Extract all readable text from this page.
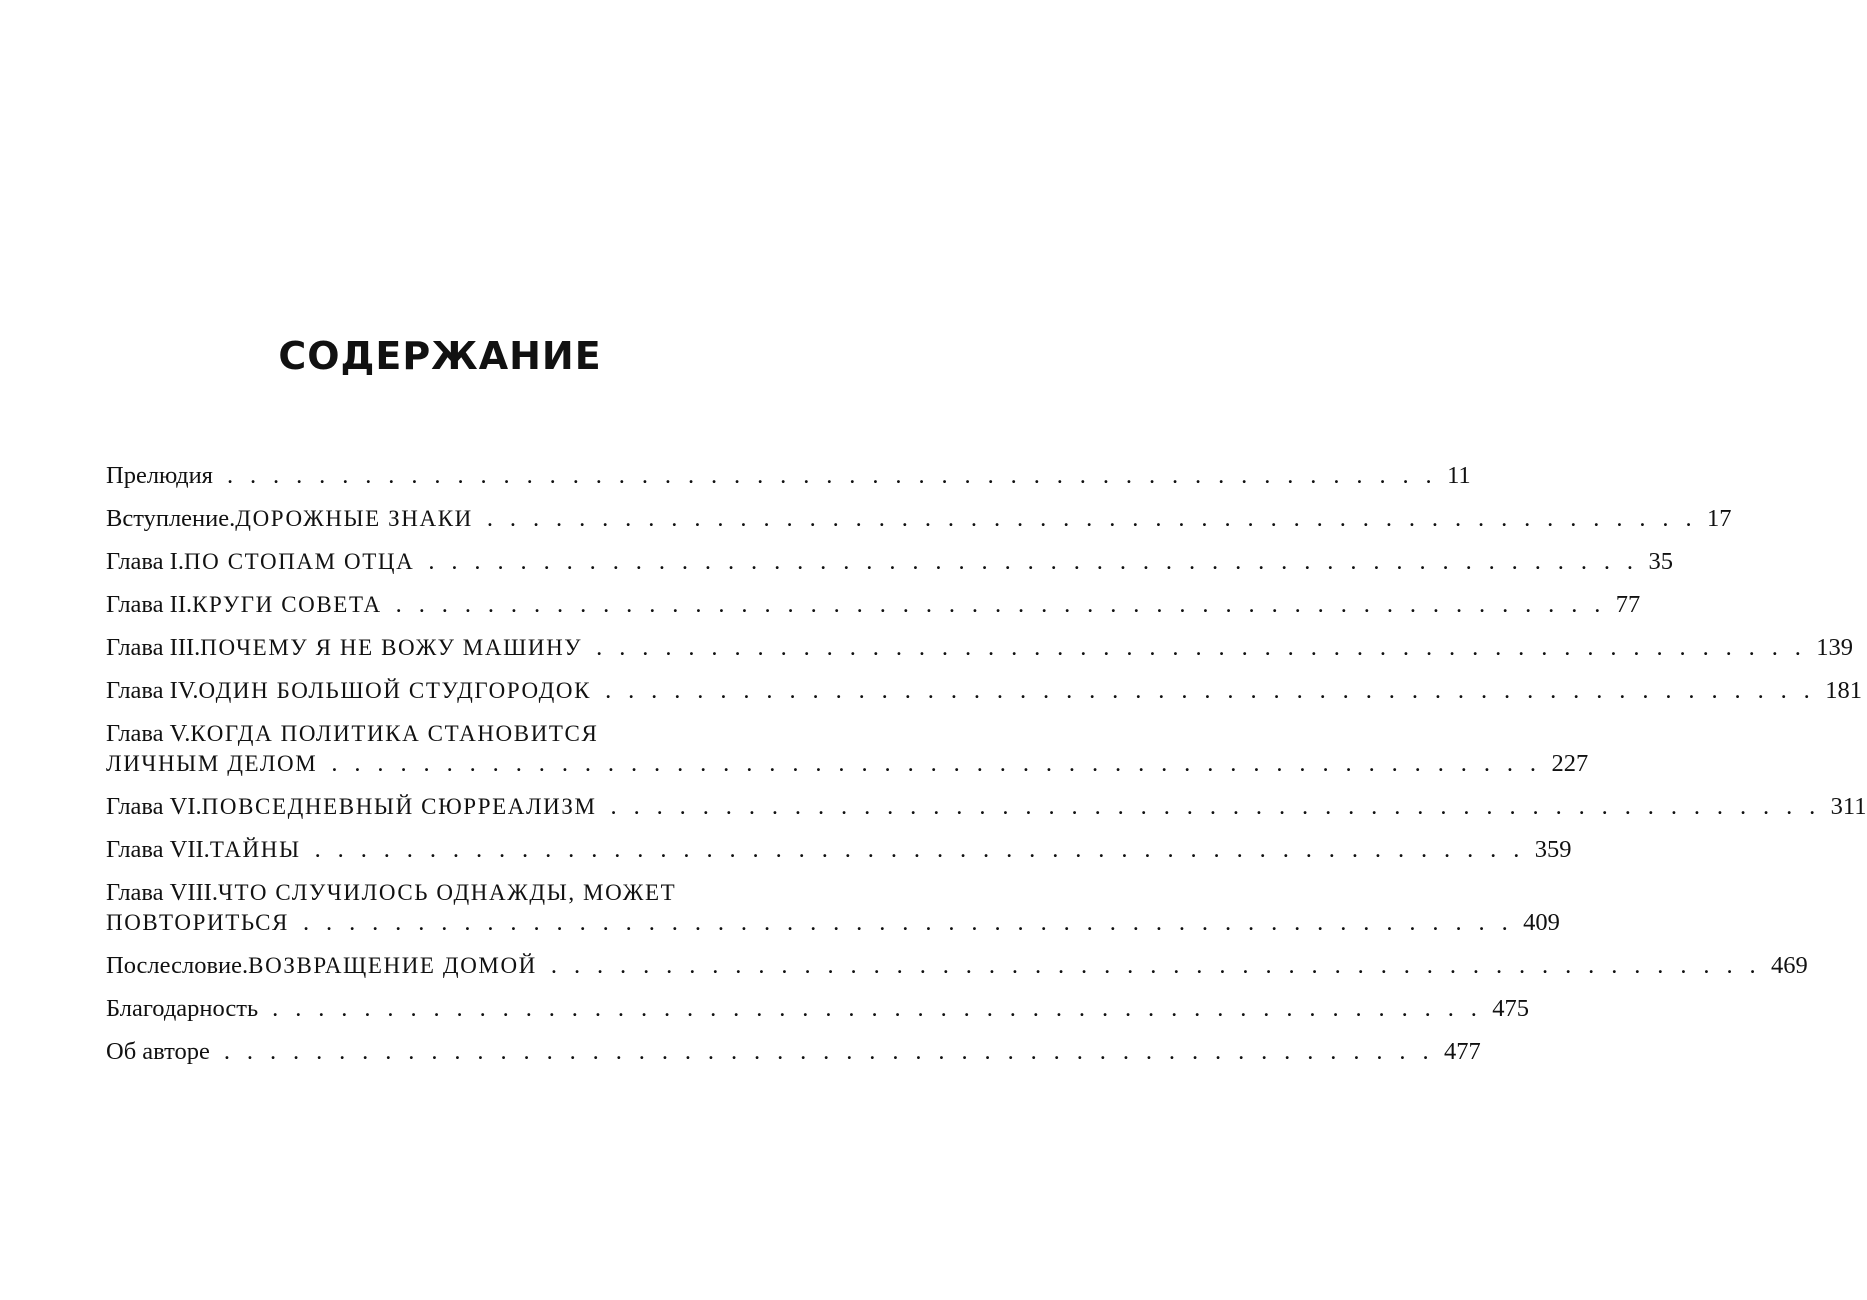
СОДЕРЖАНИЕ
Прелюдия . . . . . . . . . . . . . . . . . . . . . . . . . . . . . . . . . . . . . . . . . . . . . . . . . . . . . 11
Вступление. ДОРОЖНЫЕ ЗНАКИ . . . . . . . . . . . . . . . . . . . . . . . . . . . . . . . . . . . . . . . . . . . . . . . . . . . . . 17
Глава I. ПО СТОПАМ ОТЦА . . . . . . . . . . . . . . . . . . . . . . . . . . . . . . . . . . . . . . . . . . . . . . . . . . . . . 35
Глава II. КРУГИ СОВЕТА . . . . . . . . . . . . . . . . . . . . . . . . . . . . . . . . . . . . . . . . . . . . . . . . . . . . . 77
Глава III. ПОЧЕМУ Я НЕ ВОЖУ МАШИНУ . . . . . . . . . . . . . . . . . . . . . . . . . . . . . . . . . . . . . . . . . . . . . . . . . . . . . 139
Глава IV. ОДИН БОЛЬШОЙ СТУДГОРОДОК . . . . . . . . . . . . . . . . . . . . . . . . . . . . . . . . . . . . . . . . . . . . . . . . . . . . . 181
Глава V. КОГДА ПОЛИТИКА СТАНОВИТСЯ
ЛИЧНЫМ ДЕЛОМ . . . . . . . . . . . . . . . . . . . . . . . . . . . . . . . . . . . . . . . . . . . . . . . . . . . . . 227
Глава VI. ПОВСЕДНЕВНЫЙ СЮРРЕАЛИЗМ . . . . . . . . . . . . . . . . . . . . . . . . . . . . . . . . . . . . . . . . . . . . . . . . . . . . . 311
Глава VII. ТАЙНЫ . . . . . . . . . . . . . . . . . . . . . . . . . . . . . . . . . . . . . . . . . . . . . . . . . . . . . 359
Глава VIII. ЧТО СЛУЧИЛОСЬ ОДНАЖДЫ, МОЖЕТ
ПОВТОРИТЬСЯ . . . . . . . . . . . . . . . . . . . . . . . . . . . . . . . . . . . . . . . . . . . . . . . . . . . . . 409
Послесловие. ВОЗВРАЩЕНИЕ ДОМОЙ . . . . . . . . . . . . . . . . . . . . . . . . . . . . . . . . . . . . . . . . . . . . . . . . . . . . . 469
Благодарность . . . . . . . . . . . . . . . . . . . . . . . . . . . . . . . . . . . . . . . . . . . . . . . . . . . . . 475
Об авторе . . . . . . . . . . . . . . . . . . . . . . . . . . . . . . . . . . . . . . . . . . . . . . . . . . . . . 477
